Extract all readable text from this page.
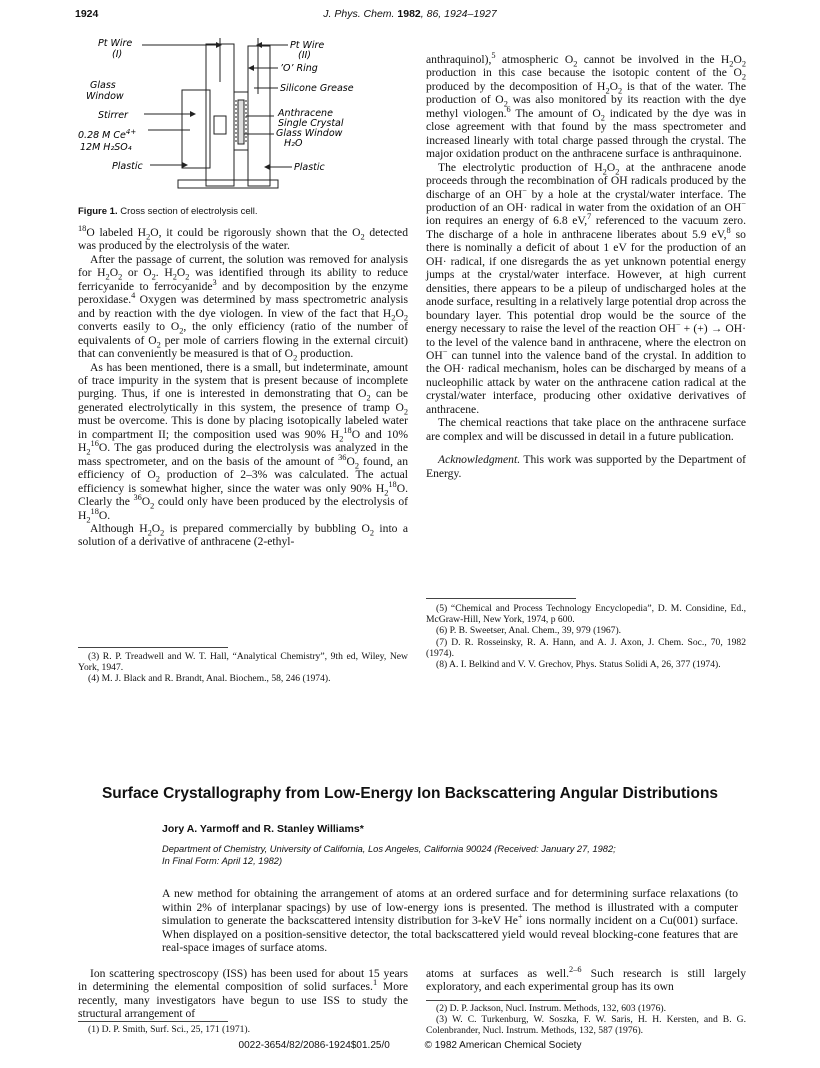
1924	J. Phys. Chem. 1982, 86, 1924–1927
Pt Wire
(I)
Pt Wire
(II)
’O’ Ring
Glass
Window
Silicone Grease
Stirrer	Anthracene
Single Crystal
Glass Window
H₂O
0.28 M $Ce^{4+}$
12M H₂SO₄
Plastic	Plastic
Figure 1. Cross section of electrolysis cell.

$^{18}$O labeled $H_2O$, it could be rigorously shown that the $O_2$ detected was produced by the electrolysis of the water.

After the passage of current, the solution was removed for analysis for $H_2O_2$ or $O_2$. $H_2O_2$ was identified through its ability to reduce ferricyanide to ferrocyanide$^3$ and by decomposition by the enzyme peroxidase.$^4$ Oxygen was determined by mass spectrometric analysis and by reaction with the dye viologen. In view of the fact that $H_2O_2$ converts easily to $O_2$, the only efficiency (ratio of the number of equivalents of $O_2$ per mole of carriers flowing in the external circuit) that can conveniently be measured is that of $O_2$ production.

As has been mentioned, there is a small, but indeterminate, amount of trace impurity in the system that is present because of incomplete purging. Thus, if one is interested in demonstrating that $O_2$ can be generated electrolytically in this system, the presence of tramp $O_2$ must be overcome. This is done by placing isotopically labeled water in compartment II; the composition used was 90% $H_2^{18}O$ and 10% $H_2^{16}O$. The gas produced during the electrolysis was analyzed in the mass spectrometer, and on the basis of the amount of $^{36}O_2$ found, an efficiency of $O_2$ production of 2–3% was calculated. The actual efficiency is somewhat higher, since the water was only 90% $H_2^{18}O$. Clearly the $^{36}O_2$ could only have been produced by the electrolysis of $H_2^{18}O$.

Although $H_2O_2$ is prepared commercially by bubbling $O_2$ into a solution of a derivative of anthracene (2-ethyl-

(3) R. P. Treadwell and W. T. Hall, “Analytical Chemistry”, 9th ed, Wiley, New York, 1947.

(4) M. J. Black and R. Brandt, Anal. Biochem., 58, 246 (1974).

anthraquinol),$^5$ atmospheric $O_2$ cannot be involved in the $H_2O_2$ production in this case because the isotopic content of the $O_2$ produced by the decomposition of $H_2O_2$ is that of the water. The production of $O_2$ was also monitored by its reaction with the dye methyl viologen.$^6$ The amount of $O_2$ indicated by the dye was in close agreement with that found by the mass spectrometer and increased linearly with total charge passed through the crystal. The major oxidation product on the anthracene surface is anthraquinone.

The electrolytic production of $H_2O_2$ at the anthracene anode proceeds through the recombination of OH radicals produced by the discharge of an OH− by a hole at the crystal/water interface. The production of an OH· radical in water from the oxidation of an OH− ion requires an energy of 6.8 eV,$^7$ referenced to the vacuum zero. The discharge of a hole in anthracene liberates about 5.9 eV,$^8$ so there is nominally a deficit of about 1 eV for the production of an OH· radical, if one disregards the as yet unknown potential energy jumps at the crystal/water interface. However, at high current densities, there appears to be a pileup of undischarged holes at the anode surface, resulting in a relatively large potential drop across the boundary layer. This potential drop would be the source of the energy necessary to raise the level of the reaction OH− + (+) → OH· to the level of the valence band in anthracene, where the electron on OH− can tunnel into the valence band of the crystal. In addition to the OH· radical mechanism, holes can be discharged by means of a nucleophilic attack by water on the anthracene cation radical at the crystal/water interface, producing other oxidative derivatives of anthracene.

The chemical reactions that take place on the anthracene surface are complex and will be discussed in detail in a future publication.

Acknowledgment. This work was supported by the Department of Energy.

(5) “Chemical and Process Technology Encyclopedia”, D. M. Considine, Ed., McGraw-Hill, New York, 1974, p 600.

(6) P. B. Sweetser, Anal. Chem., 39, 979 (1967).

(7) D. R. Rosseinsky, R. A. Hann, and A. J. Axon, J. Chem. Soc., 70, 1982 (1974).

(8) A. I. Belkind and V. V. Grechov, Phys. Status Solidi A, 26, 377 (1974).

Surface Crystallography from Low-Energy Ion Backscattering Angular Distributions
Jory A. Yarmoff and R. Stanley Williams*
Department of Chemistry, University of California, Los Angeles, California 90024 (Received: January 27, 1982;
In Final Form: April 12, 1982)
A new method for obtaining the arrangement of atoms at an ordered surface and for determining surface relaxations (to within 2% of interplanar spacings) by use of low-energy ions is presented. The method is illustrated with a computer simulation to generate the backscattered intensity distribution for 3-keV He+ ions normally incident on a Cu(001) surface. When displayed on a position-sensitive detector, the total backscattered yield would reveal blocking-cone features that are real-space images of surface atoms.

Ion scattering spectroscopy (ISS) has been used for about 15 years in determining the elemental composition of solid surfaces.$^1$ More recently, many investigators have begun to use ISS to study the structural arrangement of

(1) D. P. Smith, Surf. Sci., 25, 171 (1971).

atoms at surfaces as well.$^{2-6}$ Such research is still largely exploratory, and each experimental group has its own

(2) D. P. Jackson, Nucl. Instrum. Methods, 132, 603 (1976).

(3) W. C. Turkenburg, W. Soszka, F. W. Saris, H. H. Kersten, and B. G. Colenbrander, Nucl. Instrum. Methods, 132, 587 (1976).

0022-3654/82/2086-1924$01.25/0	© 1982 American Chemical Society
